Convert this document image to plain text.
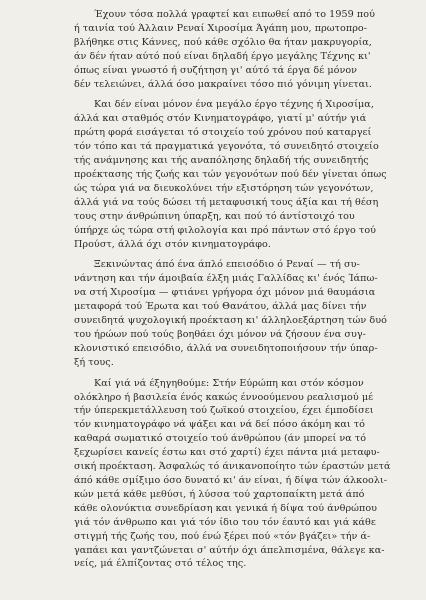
Έχουν τόσα πολλά γραφτεί και ειπωθεί από το 1959 πού
ή ταινία τού Άλλαιν Ρεναί Χιροσίμα Άγάπη μου, πρωτοπρο-
βλήθηκε στις Κάννες, πού κάθε σχόλιο θα ήταν μακρυγορία,
άν δέν ήταν αύτό πού είναι δηλαδή έργο μεγάλης Τέχνης κι'
όπως είναι γνωστό ή συζήτηση γι' αύτό τά έργα δέ μόνον
δέν τελειώνει, άλλά όσο μακραίνει τόσο πιό γόνιμη γίνεται.

Και δέν είναι μόνον ένα μεγάλο έργο τέχνης ή Χιροσίμα,
άλλά και σταθμός στόν Κινηματογράφο, γιατί μ' αύτήν γιά
πρώτη φορά εισάγεται τό στοιχείο τού χρόνου πού καταργεί
τόν τόπο και τά πραγματικά γεγονότα, τό συνειδητό στοιχείο
τής ανάμνησης και τής αναπόλησης δηλαδή τής συνειδητής
προέκτασης τής ζωής και τών γεγονότων πού δέν γίνεται όπως
ώς τώρα γιά να διευκολύνει τήν εξιστόρηση τών γεγονότων,
άλλά γιά να τούς δώσει τή μεταφυσική τους άξία και τή θέση
τους στην άνθρώπινη ύπαρξη, και πού τό άντίστοιχό του
ύπήρχε ώς τώρα στή φιλολογία και πρό πάντων στό έργο τού
Προύστ, άλλά όχι στόν κινηματογράφο.

Ξεκινώντας άπό ένα άπλό επεισόδιο ό Ρεναί — τή συ-
νάντηση και τήν άμοιβαία έλξη μιάς Γαλλίδας κι' ένός Ίάπω-
να στή Χιροσίμα — φτιάνει γρήγορα όχι μόνον μιά θαυμάσια
μεταφορά τού Έρωτα και τού Θανάτου, άλλά μας δίνει τήν
συνειδητά ψυχολογική προέκταση κι' άλληλοεξάρτηση τών δυό
του ήρώων πού τούς βοηθάει όχι μόνον νά ζήσουν ένα συγ-
κλονιστικό επεισόδιο, άλλά να συνειδητοποιήσουν τήν ύπαρ-
ξή τους.

Καί γιά νά έξηγηθούμε: Στήν Εύρώπη και στόν κόσμον
ολόκληρο ή βασιλεία ένός κακώς έννοούμενου ρεαλισμού μέ
τήν ύπερεκμετάλλευση τού ζωϊκού στοιχείου, έχει έμποδίσει
τόν κινηματογράφο νά ψάξει και νά δεί πόσο άκόμη και τό
καθαρά σωματικό στοιχείο τού άνθρώπου (άν μπορεί να τό
ξεχωρίσει κανείς έστω και στό χαρτί) έχει πάντα μιά μεταφυ-
σική προέκταση. Άσφαλώς τό άνικανοποίητο τών έραστών μετά
άπό κάθε σμίξιμο όσο δυνατό κι' άν είναι, ή δίψα τών άλκοολι-
κών μετά κάθε μεθύσι, ή λύσσα τού χαρτοπαίκτη μετά άπό
κάθε ολονύκτια συνεδρίαση και γενικά ή δίψα τού άνθρώπου
γιά τόν άνθρωπο και γιά τόν ίδιο του τόν έαυτό και γιά κάθε
στιγμή τής ζωής του, πού ένώ ξέρει πού «τόν βγάζει» τήν ά-
γαπάει και γαντζώνεται σ' αύτήν όχι άπελπισμένα, θάλεγε κα-
νείς, μά έλπίζοντας στό τέλος της.
